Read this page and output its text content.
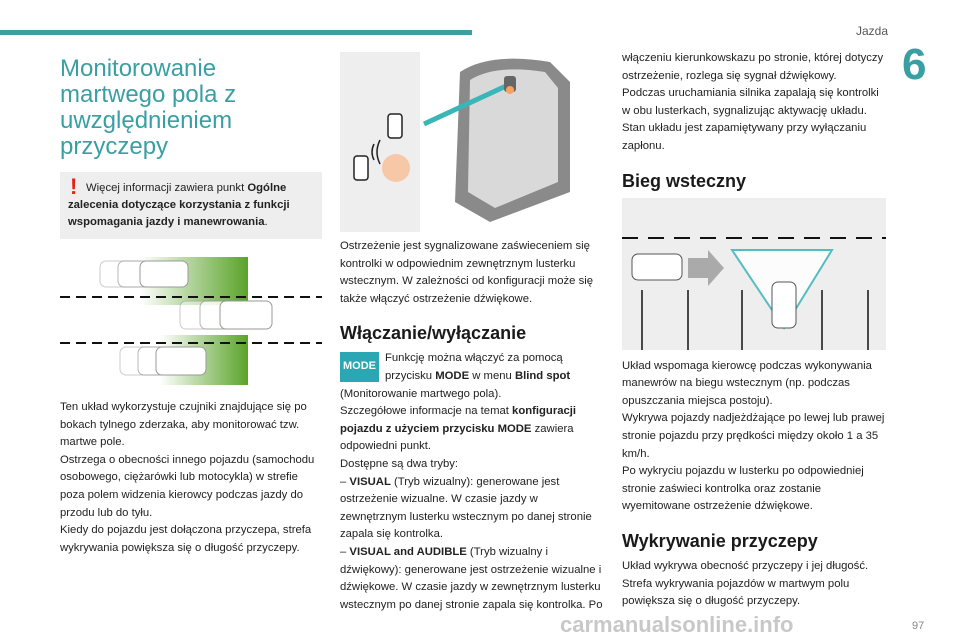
Jazda
6
Monitorowanie martwego pola z uwzględnieniem przyczepy
! Więcej informacji zawiera punkt Ogólne zalecenia dotyczące korzystania z funkcji wspomagania jazdy i manewrowania.

Ten układ wykorzystuje czujniki znajdujące się po bokach tylnego zderzaka, aby monitorować tzw. martwe pole.
Ostrzega o obecności innego pojazdu (samochodu osobowego, ciężarówki lub motocykla) w strefie poza polem widzenia kierowcy podczas jazdy do przodu lub do tyłu.
Kiedy do pojazdu jest dołączona przyczepa, strefa wykrywania powiększa się o długość przyczepy.

Ostrzeżenie jest sygnalizowane zaświeceniem się kontrolki w odpowiednim zewnętrznym lusterku wstecznym. W zależności od konfiguracji może się także włączyć ostrzeżenie dźwiękowe.

Włączanie/wyłączanie

MODE
Funkcję można włączyć za pomocą przycisku MODE w menu Blind spot (Monitorowanie martwego pola).

Szczegółowe informacje na temat konfiguracji pojazdu z użyciem przycisku MODE zawiera odpowiedni punkt.

Dostępne są dwa tryby:

– VISUAL (Tryb wizualny): generowane jest ostrzeżenie wizualne. W czasie jazdy w zewnętrznym lusterku wstecznym po danej stronie zapala się kontrolka.

– VISUAL and AUDIBLE (Tryb wizualny i dźwiękowy): generowane jest ostrzeżenie wizualne i dźwiękowe. W czasie jazdy w zewnętrznym lusterku wstecznym po danej stronie zapala się kontrolka. Po

włączeniu kierunkowskazu po stronie, której dotyczy ostrzeżenie, rozlega się sygnał dźwiękowy.
Podczas uruchamiania silnika zapalają się kontrolki w obu lusterkach, sygnalizując aktywację układu.
Stan układu jest zapamiętywany przy wyłączaniu zapłonu.

Bieg wsteczny

Układ wspomaga kierowcę podczas wykonywania manewrów na biegu wstecznym (np. podczas opuszczania miejsca postoju).
Wykrywa pojazdy nadjeżdżające po lewej lub prawej stronie pojazdu przy prędkości między około 1 a 35 km/h.
Po wykryciu pojazdu w lusterku po odpowiedniej stronie zaświeci kontrolka oraz zostanie wyemitowane ostrzeżenie dźwiękowe.

Wykrywanie przyczepy

Układ wykrywa obecność przyczepy i jej długość.
Strefa wykrywania pojazdów w martwym polu powiększa się o długość przyczepy.

carmanualsonline.info	97
